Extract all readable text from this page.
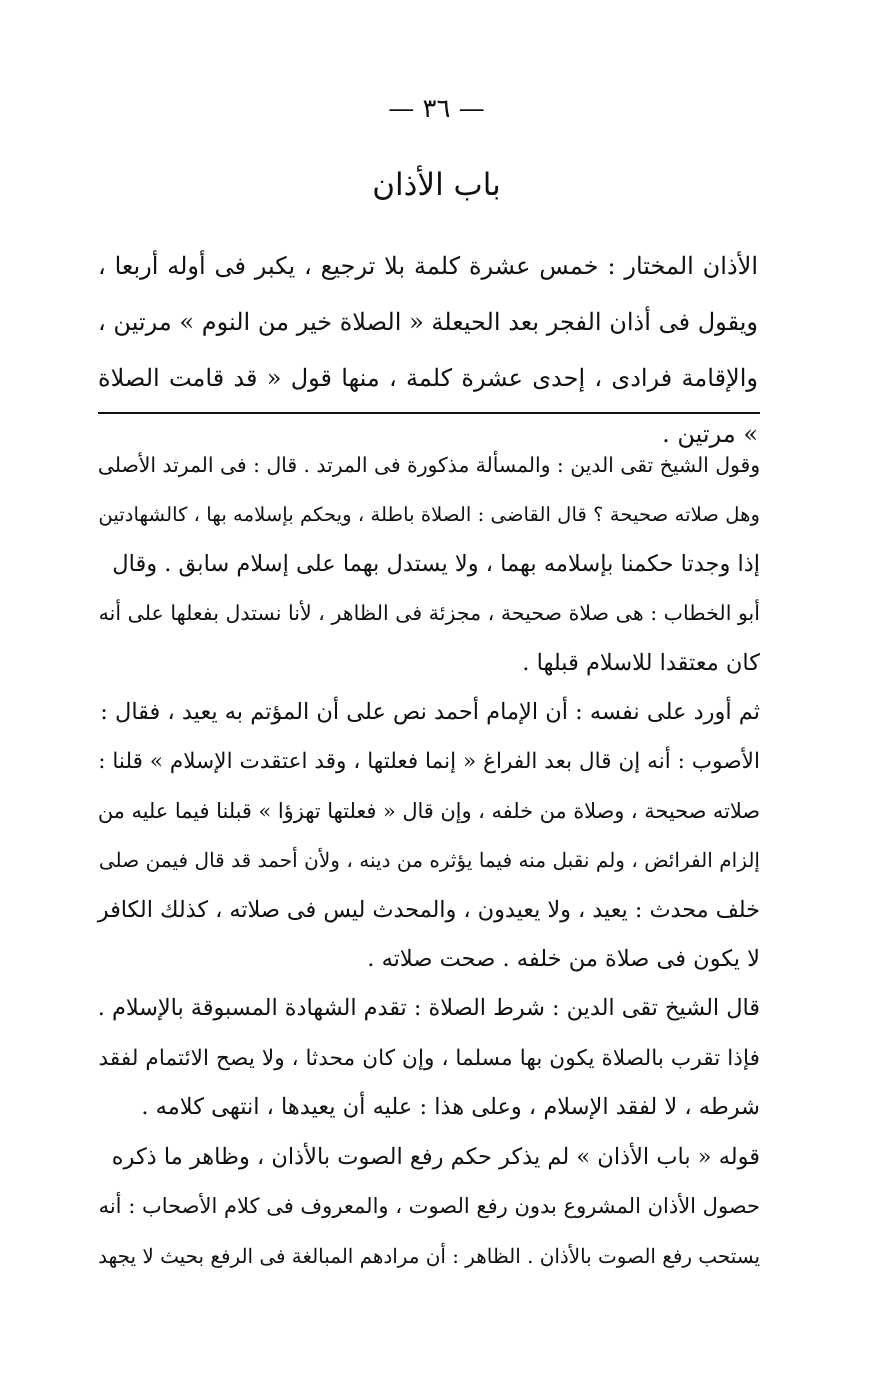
— ٣٦ —
باب الأذان

الأذان المختار : خمس عشرة كلمة بلا ترجيع ، يكبر فى أوله أربعا ، ويقول فى أذان الفجر بعد الحيعلة « الصلاة خير من النوم » مرتين ، والإقامة فرادى ، إحدى عشرة كلمة ، منها قول « قد قامت الصلاة » مرتين .

وقول الشيخ تقى الدين : والمسألة مذكورة فى المرتد . قال : فى المرتد الأصلى
وهل صلاته صحيحة ؟ قال القاضى : الصلاة باطلة ، ويحكم بإسلامه بها ، كالشهادتين
إذا وجدتا حكمنا بإسلامه بهما ، ولا يستدل بهما على إسلام سابق . وقال
أبو الخطاب : هى صلاة صحيحة ، مجزئة فى الظاهر ، لأنا نستدل بفعلها على أنه
كان معتقدا للاسلام قبلها .

ثم أورد على نفسه : أن الإمام أحمد نص على أن المؤتم به يعيد ، فقال :
الأصوب : أنه إن قال بعد الفراغ « إنما فعلتها ، وقد اعتقدت الإسلام » قلنا :
صلاته صحيحة ، وصلاة من خلفه ، وإن قال « فعلتها تهزؤا » قبلنا فيما عليه من
إلزام الفرائض ، ولم نقبل منه فيما يؤثره من دينه ، ولأن أحمد قد قال فيمن صلى
خلف محدث : يعيد ، ولا يعيدون ، والمحدث ليس فى صلاته ، كذلك الكافر
لا يكون فى صلاة من خلفه . صحت صلاته .

قال الشيخ تقى الدين : شرط الصلاة : تقدم الشهادة المسبوقة بالإسلام .
فإذا تقرب بالصلاة يكون بها مسلما ، وإن كان محدثا ، ولا يصح الائتمام لفقد
شرطه ، لا لفقد الإسلام ، وعلى هذا : عليه أن يعيدها ، انتهى كلامه .

قوله « باب الأذان » لم يذكر حكم رفع الصوت بالأذان ، وظاهر ما ذكره
حصول الأذان المشروع بدون رفع الصوت ، والمعروف فى كلام الأصحاب : أنه
يستحب رفع الصوت بالأذان . الظاهر : أن مرادهم المبالغة فى الرفع بحيث لا يجهد
